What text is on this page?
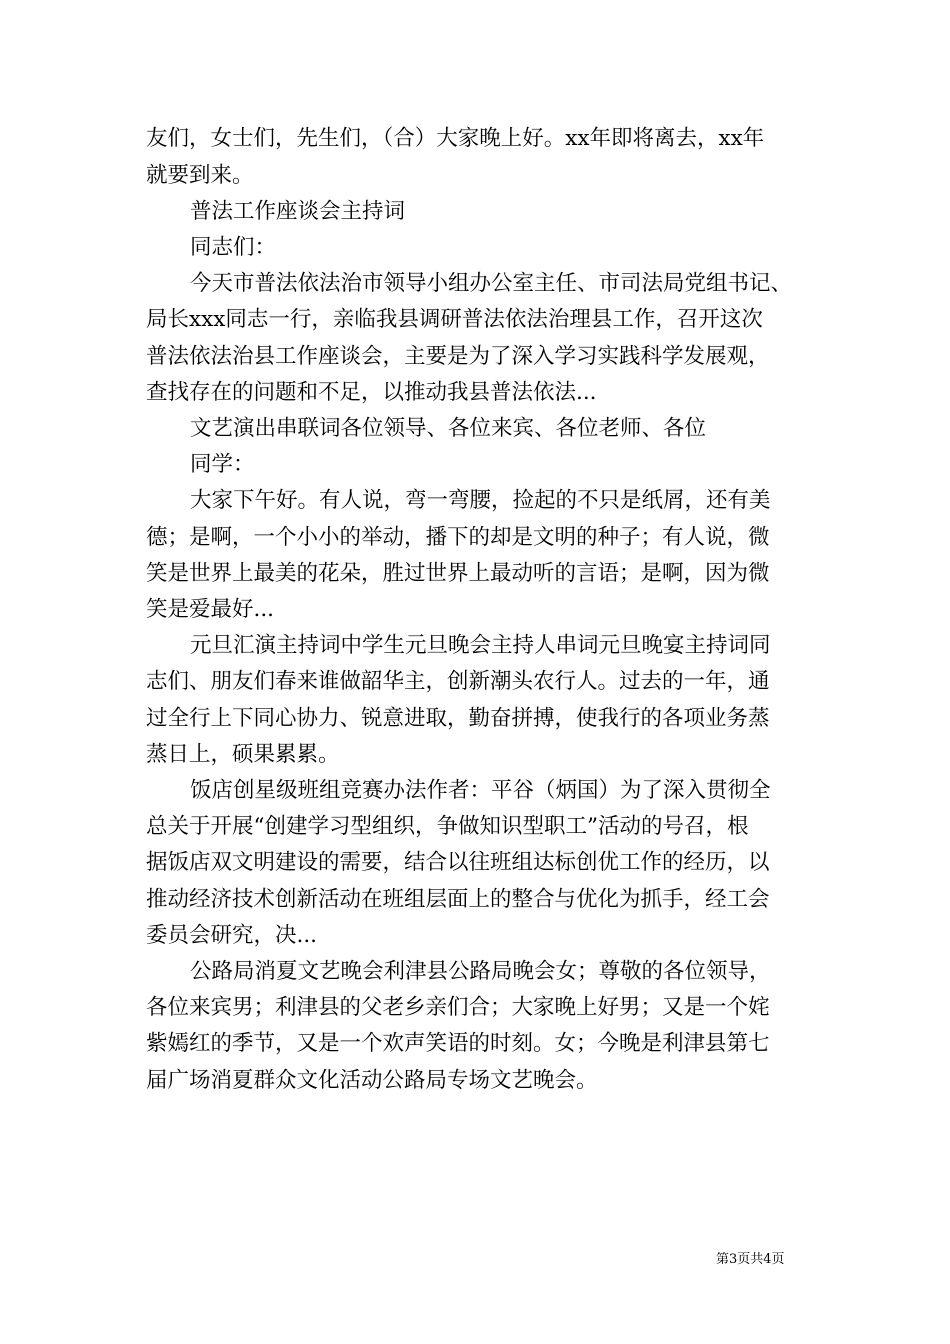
友们，女士们，先生们，（合）大家晚上好。xx年即将离去，xx年
就要到来。
普法工作座谈会主持词
同志们：
今天市普法依法治市领导小组办公室主任、市司法局党组书记、
局长xxx同志一行，亲临我县调研普法依法治理县工作，召开这次
普法依法治县工作座谈会，主要是为了深入学习实践科学发展观，
查找存在的问题和不足，以推动我县普法依法...
文艺演出串联词各位领导、各位来宾、各位老师、各位
同学：
大家下午好。有人说，弯一弯腰，捡起的不只是纸屑，还有美
德；是啊，一个小小的举动，播下的却是文明的种子；有人说，微
笑是世界上最美的花朵，胜过世界上最动听的言语；是啊，因为微
笑是爱最好...
元旦汇演主持词中学生元旦晚会主持人串词元旦晚宴主持词同
志们、朋友们春来谁做韶华主，创新潮头农行人。过去的一年，通
过全行上下同心协力、锐意进取，勤奋拼搏，使我行的各项业务蒸
蒸日上，硕果累累。
饭店创星级班组竞赛办法作者：平谷（炳国）为了深入贯彻全
总关于开展“创建学习型组织，争做知识型职工”活动的号召，根
据饭店双文明建设的需要，结合以往班组达标创优工作的经历，以
推动经济技术创新活动在班组层面上的整合与优化为抓手，经工会
委员会研究，决...
公路局消夏文艺晚会利津县公路局晚会女；尊敬的各位领导，
各位来宾男；利津县的父老乡亲们合；大家晚上好男；又是一个姹
紫嫣红的季节，又是一个欢声笑语的时刻。女；今晚是利津县第七
届广场消夏群众文化活动公路局专场文艺晚会。
第3页共4页
